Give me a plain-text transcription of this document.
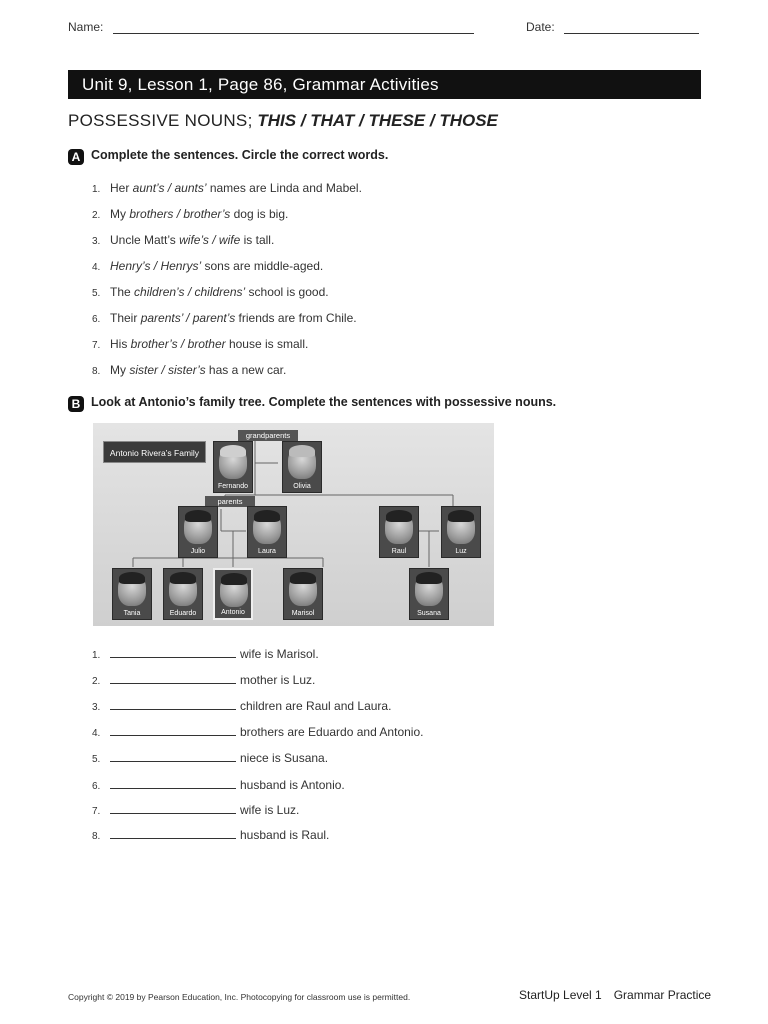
Name:	Date:
Unit 9, Lesson 1, Page 86, Grammar Activities
POSSESSIVE NOUNS; THIS / THAT / THESE / THOSE
A Complete the sentences. Circle the correct words.
1. Her aunt’s / aunts’ names are Linda and Mabel.
2. My brothers / brother’s dog is big.
3. Uncle Matt’s wife’s / wife is tall.
4. Henry’s / Henrys’ sons are middle-aged.
5. The children’s / childrens’ school is good.
6. Their parents’ / parent’s friends are from Chile.
7. His brother’s / brother house is small.
8. My sister / sister’s has a new car.
B Look at Antonio’s family tree. Complete the sentences with possessive nouns.
Antonio Rivera’s Family
grandparents
parents
Fernando	Olivia
Julio	Laura	Raul	Luz
Tania	Eduardo	Antonio	Marisol	Susana
1.	wife is Marisol.
2.	mother is Luz.
3.	children are Raul and Laura.
4.	brothers are Eduardo and Antonio.
5.	niece is Susana.
6.	husband is Antonio.
7.	wife is Luz.
8.	husband is Raul.
Copyright © 2019 by Pearson Education, Inc. Photocopying for classroom use is permitted.	StartUp Level 1 Grammar Practice
